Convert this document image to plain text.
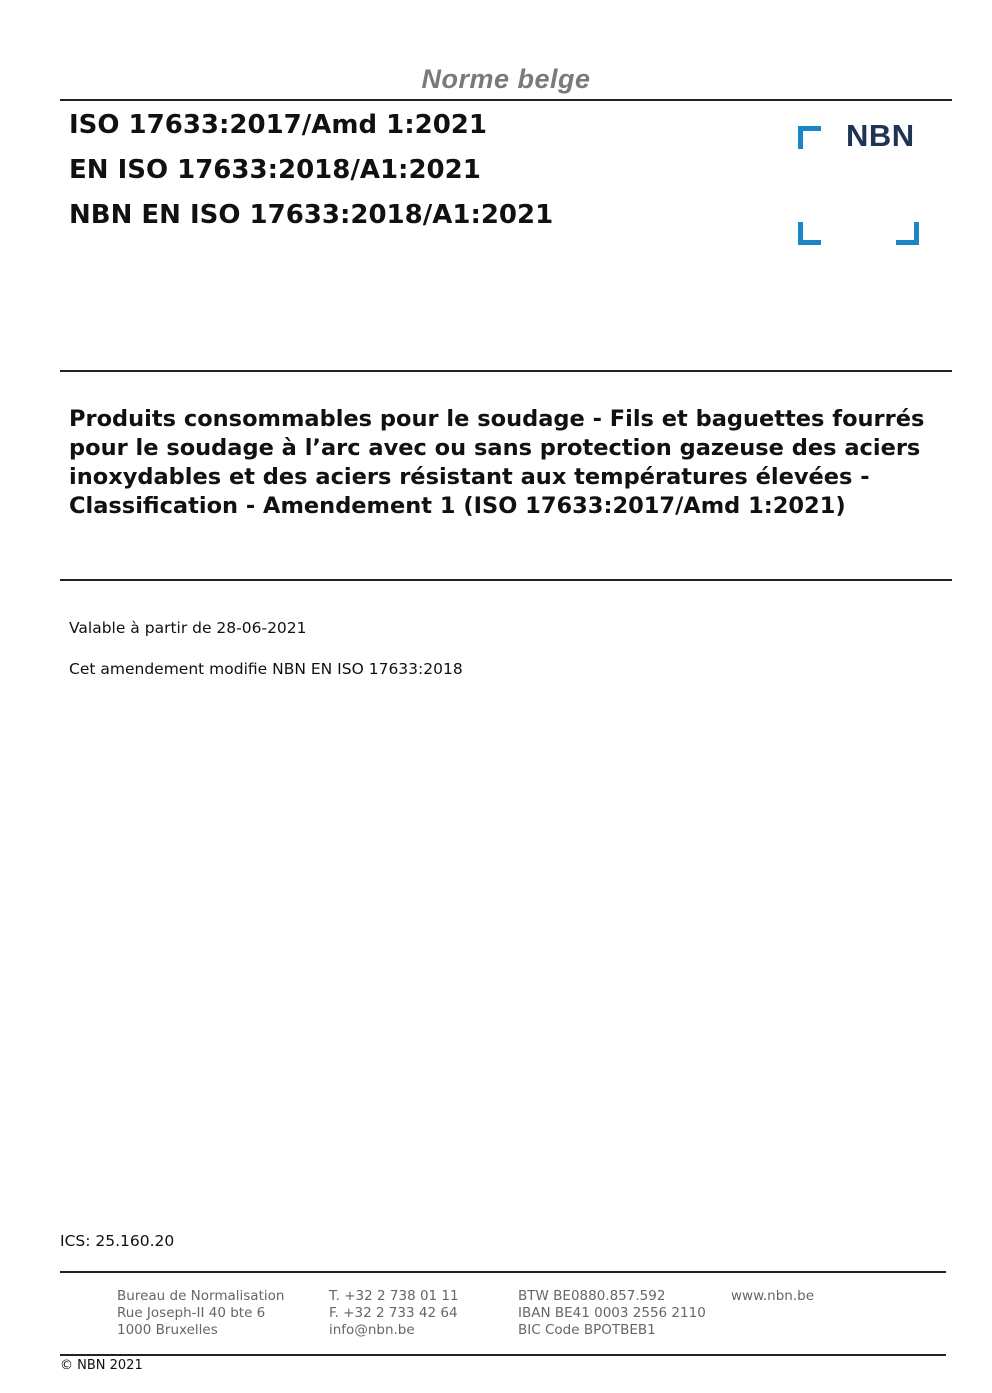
Norme belge
ISO 17633:2017/Amd 1:2021
EN ISO 17633:2018/A1:2021
NBN EN ISO 17633:2018/A1:2021
NBN
Produits consommables pour le soudage - Fils et baguettes fourrés pour le soudage à l’arc avec ou sans protection gazeuse des aciers inoxydables et des aciers résistant aux températures élevées - Classification - Amendement 1 (ISO 17633:2017/Amd 1:2021)
Valable à partir de 28-06-2021
Cet amendement modifie NBN EN ISO 17633:2018
ICS: 25.160.20
Bureau de Normalisation
Rue Joseph-II 40 bte 6
1000 Bruxelles
T. +32 2 738 01 11
F. +32 2 733 42 64
info@nbn.be
BTW BE0880.857.592
IBAN BE41 0003 2556 2110
BIC Code BPOTBEB1
www.nbn.be
© NBN 2021
